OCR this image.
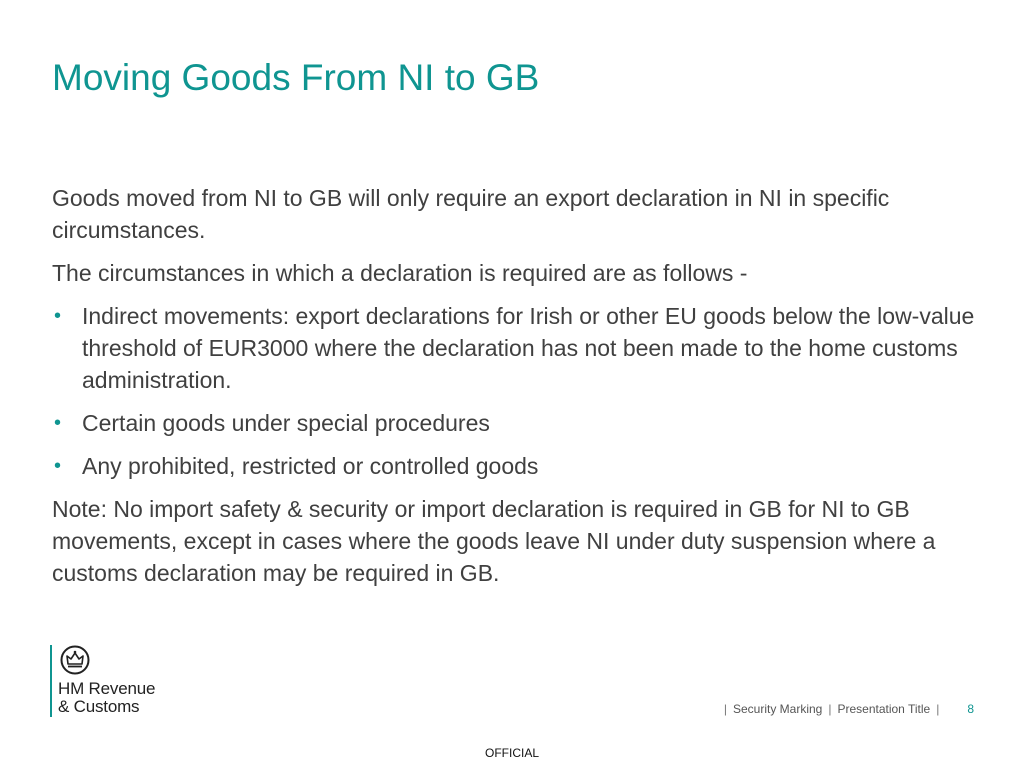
Moving Goods From NI to GB

Goods moved from NI to GB will only require an export declaration in NI in specific circumstances.

The circumstances in which a declaration is required are as follows -

• Indirect movements: export declarations for Irish or other EU goods below the low-value threshold of EUR3000 where the declaration has not been made to the home customs administration.
• Certain goods under special procedures
• Any prohibited, restricted or controlled goods

Note: No import safety & security or import declaration is required in GB for NI to GB movements, except in cases where the goods leave NI under duty suspension where a customs declaration may be required in GB.

HM Revenue

& Customs	| Security Marking | Presentation Title | 8
OFFICIAL
